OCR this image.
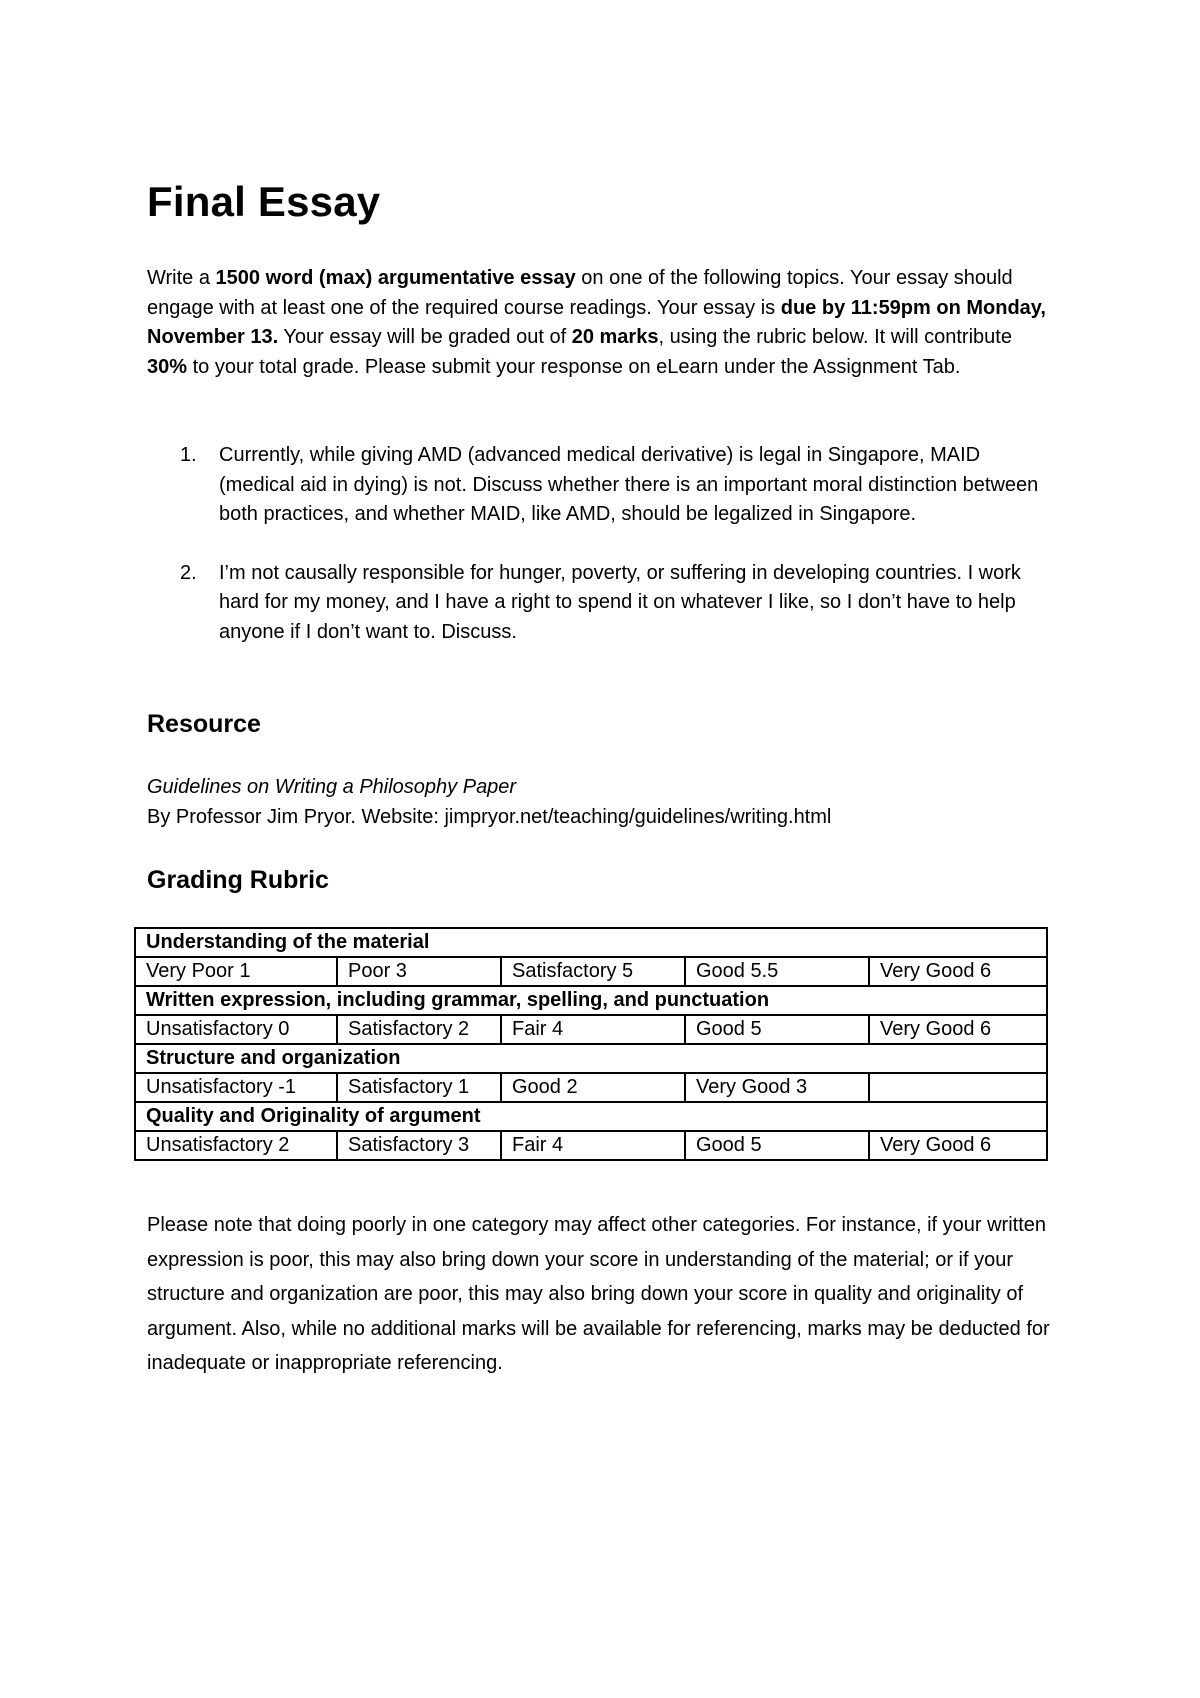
Final Essay

Write a 1500 word (max) argumentative essay on one of the following topics. Your essay should engage with at least one of the required course readings. Your essay is due by 11:59pm on Monday, November 13. Your essay will be graded out of 20 marks, using the rubric below. It will contribute 30% to your total grade. Please submit your response on eLearn under the Assignment Tab.

1. Currently, while giving AMD (advanced medical derivative) is legal in Singapore, MAID (medical aid in dying) is not. Discuss whether there is an important moral distinction between both practices, and whether MAID, like AMD, should be legalized in Singapore.
2. I’m not causally responsible for hunger, poverty, or suffering in developing countries. I work hard for my money, and I have a right to spend it on whatever I like, so I don’t have to help anyone if I don’t want to. Discuss.
Resource
Guidelines on Writing a Philosophy Paper
By Professor Jim Pryor. Website: jimpryor.net/teaching/guidelines/writing.html
Grading Rubric
Understanding of the material				
Very Poor 1	Poor 3	Satisfactory 5	Good 5.5	Very Good 6
Written expression, including grammar, spelling, and punctuation				
Unsatisfactory 0	Satisfactory 2	Fair 4	Good 5	Very Good 6
Structure and organization				
Unsatisfactory -1	Satisfactory 1	Good 2	Very Good 3	
Quality and Originality of argument				
Unsatisfactory 2	Satisfactory 3	Fair 4	Good 5	Very Good 6

Please note that doing poorly in one category may affect other categories. For instance, if your written expression is poor, this may also bring down your score in understanding of the material; or if your structure and organization are poor, this may also bring down your score in quality and originality of argument. Also, while no additional marks will be available for referencing, marks may be deducted for inadequate or inappropriate referencing.
